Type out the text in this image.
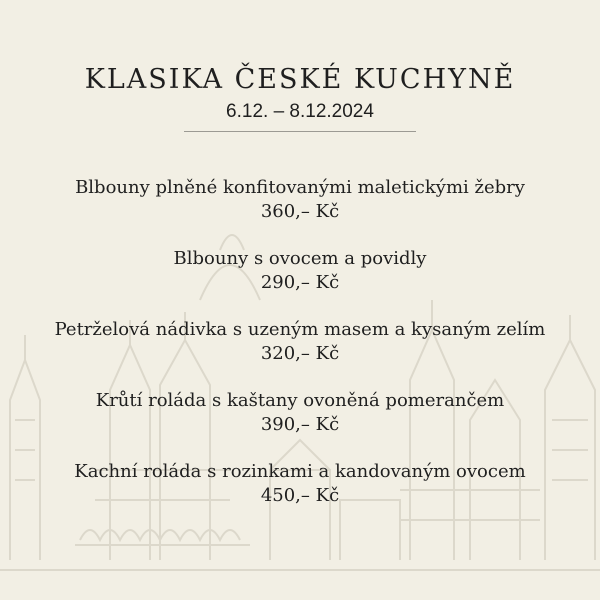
KLASIKA ČESKÉ KUCHYNĚ
6.12. – 8.12.2024
Blbouny plněné konfitovanými maletickými žebry
360,– Kč
Blbouny s ovocem a povidly
290,– Kč
Petrželová nádivka s uzeným masem a kysaným zelím
320,– Kč
Krůtí roláda s kaštany ovoněná pomerančem
390,– Kč
Kachní roláda s rozinkami a kandovaným ovocem
450,– Kč
